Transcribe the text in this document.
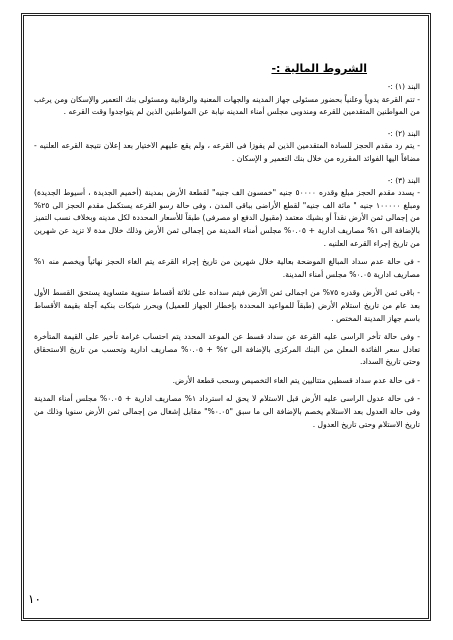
الشروط المالية :-
البند (١) :-

- تتم القرعة يدوياً وعلنياً بحضور مسئولى جهاز المدينه والجهات المعنية والرقابية ومسئولى بنك التعمير والإسكان ومن يرغب من المواطنين المتقدمين للقرعه ومندوبى مجلس أمناء المدينه نيابة عن المواطنين الذين لم يتواجدوا وقت القرعه .

البند (٢) :-

- يتم رد مقدم الحجز للسادة المتقدمين الذين لم يفوزا فى القرعه ، ولم يقع عليهم الاختيار بعد إعلان نتيجة القرعه العلنيه - مضافاً اليها الفوائد المقرره من خلال بنك التعمير و الإسكان .

البند (٣) :-

- يسدد مقدم الحجز مبلغ وقدره ٥٠٠٠٠ جنيه "خمسون الف جنيه" لقطعة الأرض بمدينة (أخميم الجديدة ، أسيوط الجديدة) ومبلغ ١٠٠٠٠٠ جنيه " مائة الف جنيه" لقطع الأراضى بباقى المدن ، وفى حالة رسو القرعه يستكمل مقدم الحجز الى ٢٥% من إجمالى ثمن الأرض نقداً أو بشيك معتمد (مقبول الدفع او مصرفى) طبقاً للأسعار المحددة لكل مدينه وبخلاف نسب التميز بالإضافة الى ١% مصاريف ادارية + ٠.٠٥% مجلس أمناء المدينة من إجمالى ثمن الأرض وذلك خلال مدة لا تزيد عن شهرين من تاريخ إجراء القرعه العلنيه .

- فى حالة عدم سداد المبالغ الموضحة بعالية خلال شهرين من تاريخ إجراء القرعه يتم الغاء الحجز نهائياً ويخصم منه ١% مصاريف ادارية ٠.٠٥% مجلس أمناء المدينة.

- باقى ثمن الأرض وقدره ٧٥% من اجمالى ثمن الأرض فيتم سداده على ثلاثة أقساط سنوية متساوية يستحق القسط الأول بعد عام من تاريخ استلام الأرض (طبقاً للمواعيد المحددة بإخطار الجهاز للعميل) ويحرر شيكات بنكيه آجلة بقيمة الأقساط باسم جهاز المدينة المختص .

- وفى حالة تأخر الراسى عليه القرعة عن سداد قسط عن الموعد المحدد يتم احتساب غرامة تأخير على القيمة المتأخرة تعادل سعر الفائدة المعلن من البنك المركزى بالإضافة الى ٢% + ٠.٠٥% مصاريف ادارية وتحسب من تاريخ الاستحقاق وحتى تاريخ السداد.

- فى حالة عدم سداد قسطين متتاليين يتم الغاء التخصيص وسحب قطعة الأرض.

- فى حالة عدول الراسى عليه الأرض قبل الاستلام لا يحق له استرداد ١% مصاريف ادارية + ٠.٠٥% مجلس أمناء المدينة وفى حالة العدول بعد الاستلام يخصم بالإضافة الى ما سبق "٠.٠٥%" مقابل إشغال من إجمالى ثمن الأرض سنويا وذلك من تاريخ الاستلام وحتى تاريخ العدول .

١٠
